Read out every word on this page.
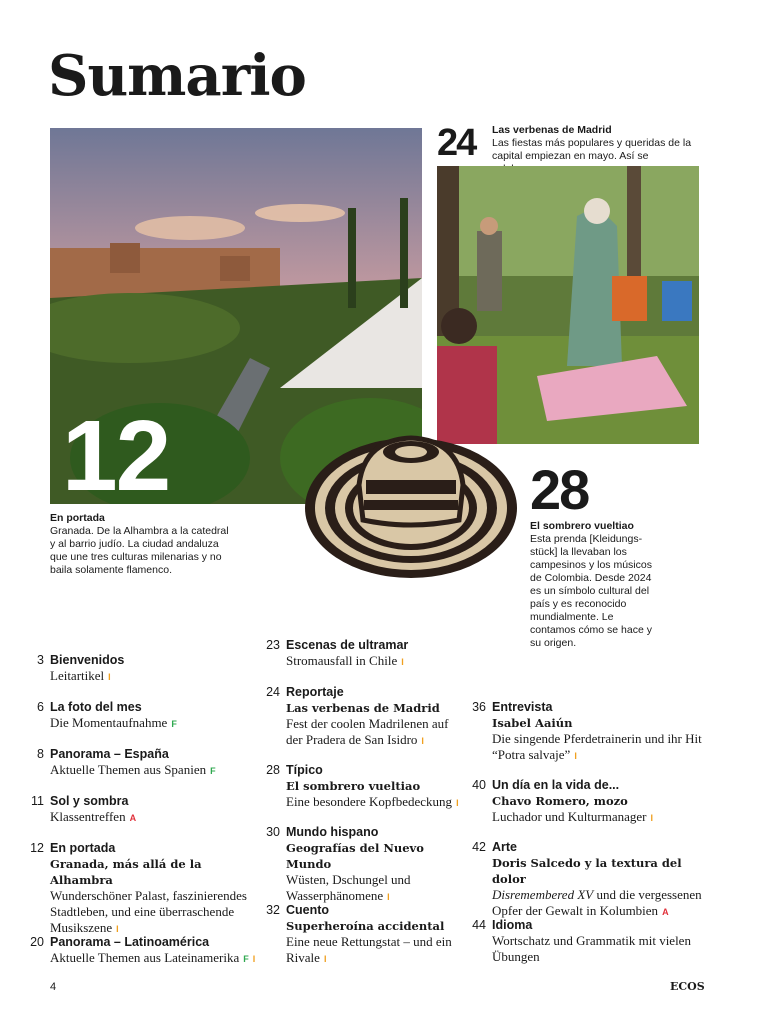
Sumario
12
En portada
Granada. De la Alhambra a la catedral y al barrio judío. La ciudad andaluza que une tres culturas milenarias y no baila solamente flamenco.
24 Las verbenas de Madrid
Las fiestas más populares y queridas de la capital empiezan en mayo. Así se
28
El sombrero vueltiao
Esta prenda [Kleidungs-stück] la llevaban los campesinos y los músicos de Colombia. Desde 2024 es un símbolo cultural del país y es reconocido mundialmente. Le contamos cómo se hace y su origen.
3 Bienvenidos
Leitartikel I
6 La foto del mes
Die Momentaufnahme F
8 Panorama – España
Aktuelle Themen aus Spanien F
11 Sol y sombra
Klassentreffen A
12 En portada
Granada, más allá de la Alhambra
Wunderschöner Palast, faszinierendes Stadtleben, und eine überraschende Musikszene I
20 Panorama – Latinoamérica
Aktuelle Themen aus Lateinamerika F I
23 Escenas de ultramar
Stromausfall in Chile I
24 Reportaje
Las verbenas de Madrid
Fest der coolen Madrilenen auf der Pradera de San Isidro I
28 Típico
El sombrero vueltiao
Eine besondere Kopfbedeckung I
30 Mundo hispano
Geografías del Nuevo Mundo
Wüsten, Dschungel und Wasserphänomene I
32 Cuento
Superheroína accidental
Eine neue Rettungstat – und ein Rivale I
36 Entrevista
Isabel Aaiún
Die singende Pferdetrainerin und ihr Hit “Potra salvaje” I
40 Un día en la vida de...
Chavo Romero, mozo
Luchador und Kulturmanager I
42 Arte
Doris Salcedo y la textura del dolor
Disremembered XV und die vergessenen Opfer der Gewalt in Kolumbien A
44 Idioma
Wortschatz und Grammatik mit vielen Übungen
4	ECOS
